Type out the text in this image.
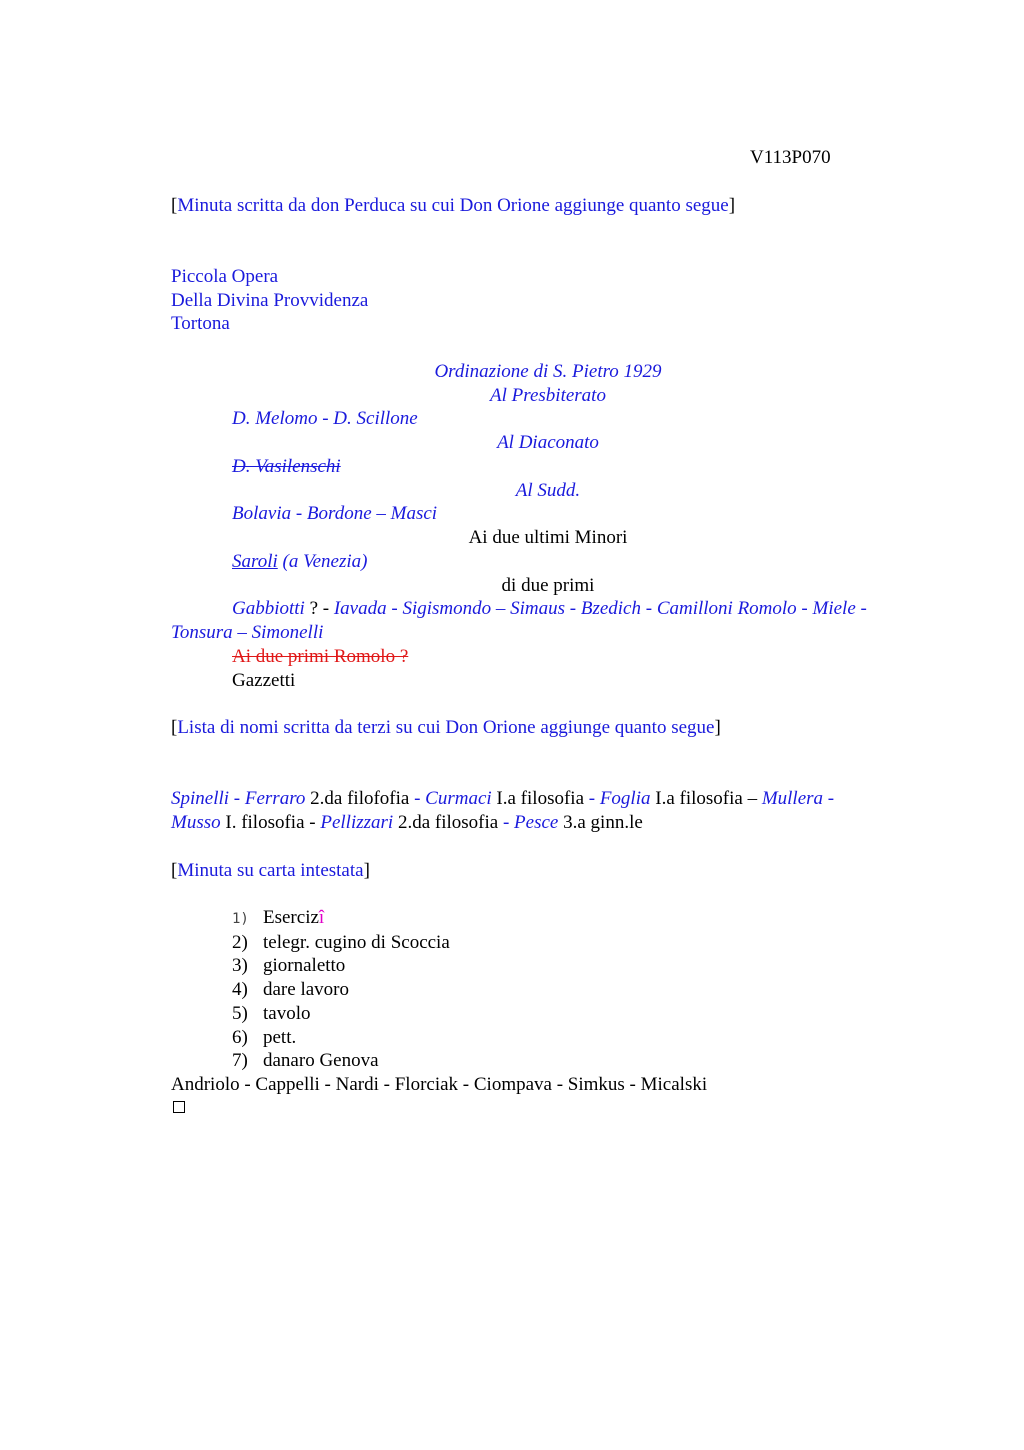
V113P070
[Minuta scritta da don Perduca su cui Don Orione aggiunge quanto segue]
Piccola Opera
Della Divina Provvidenza
Tortona
Ordinazione di S. Pietro 1929
Al Presbiterato
D. Melomo - D. Scillone
Al Diaconato
D. Vasilenschi
Al Sudd.
Bolavia - Bordone – Masci
Ai due ultimi Minori
Saroli (a Venezia)
di due primi
Gabbiotti ? - Iavada - Sigismondo – Simaus - Bzedich - Camilloni Romolo - Miele -
Tonsura – Simonelli
Ai due primi Romolo ?
Gazzetti
[Lista di nomi scritta da terzi su cui Don Orione aggiunge quanto segue]
Spinelli - Ferraro 2.da filofofia - Curmaci I.a filosofia - Foglia I.a filosofia – Mullera -
Musso I. filosofia - Pellizzari 2.da filosofia - Pesce 3.a ginn.le
[Minuta su carta intestata]
1) Esercizî
2) telegr. cugino di Scoccia
3) giornaletto
4) dare lavoro
5) tavolo
6) pett.
7) danaro Genova
Andriolo - Cappelli - Nardi - Florciak - Ciompava - Simkus - Micalski
